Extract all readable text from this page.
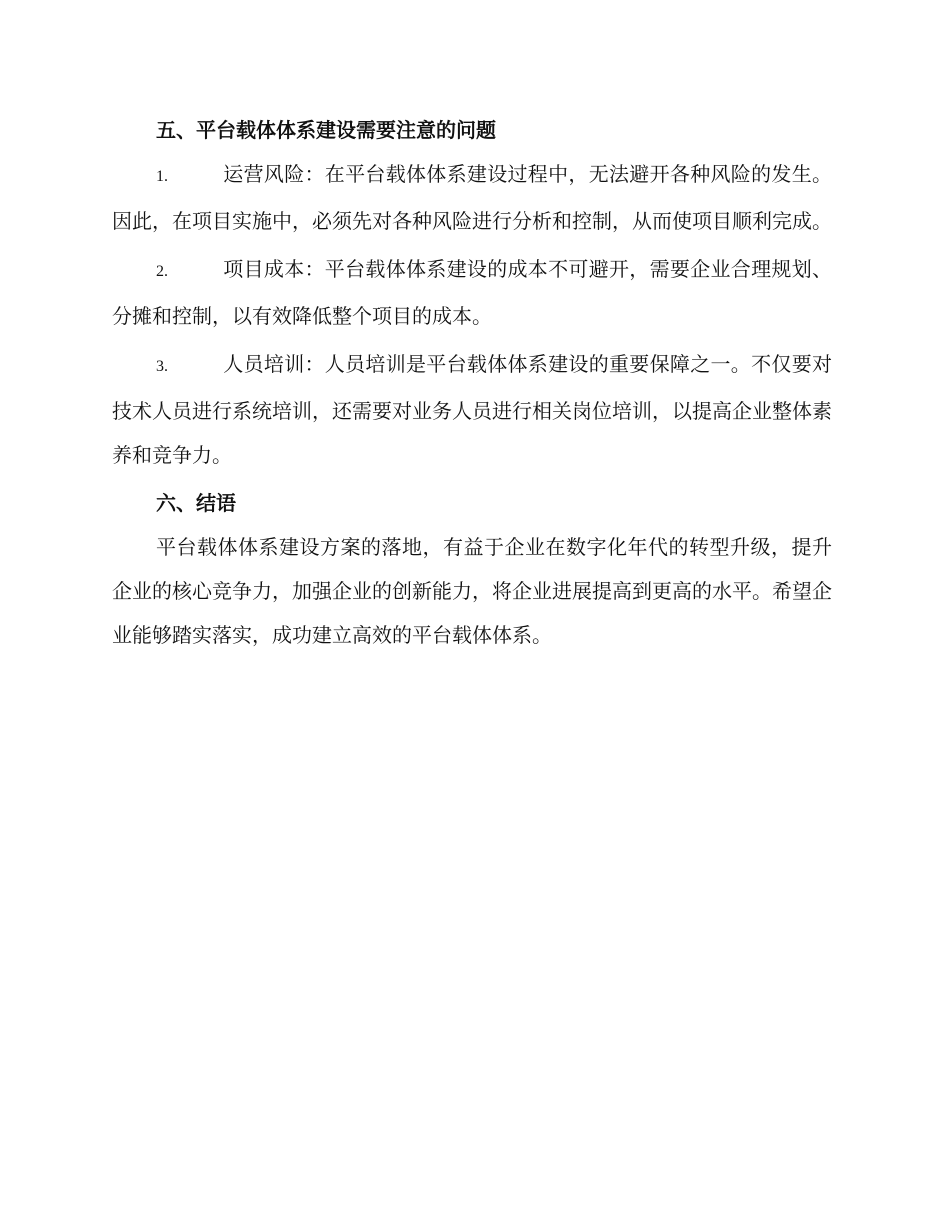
五、平台载体体系建设需要注意的问题

1.	运营风险：在平台载体体系建设过程中，无法避开各种风险的发生。因此，在项目实施中，必须先对各种风险进行分析和控制，从而使项目顺利完成。

2.	项目成本：平台载体体系建设的成本不可避开，需要企业合理规划、分摊和控制，以有效降低整个项目的成本。

3.	人员培训：人员培训是平台载体体系建设的重要保障之一。不仅要对技术人员进行系统培训，还需要对业务人员进行相关岗位培训，以提高企业整体素养和竞争力。

六、结语

平台载体体系建设方案的落地，有益于企业在数字化年代的转型升级，提升企业的核心竞争力，加强企业的创新能力，将企业进展提高到更高的水平。希望企业能够踏实落实，成功建立高效的平台载体体系。
